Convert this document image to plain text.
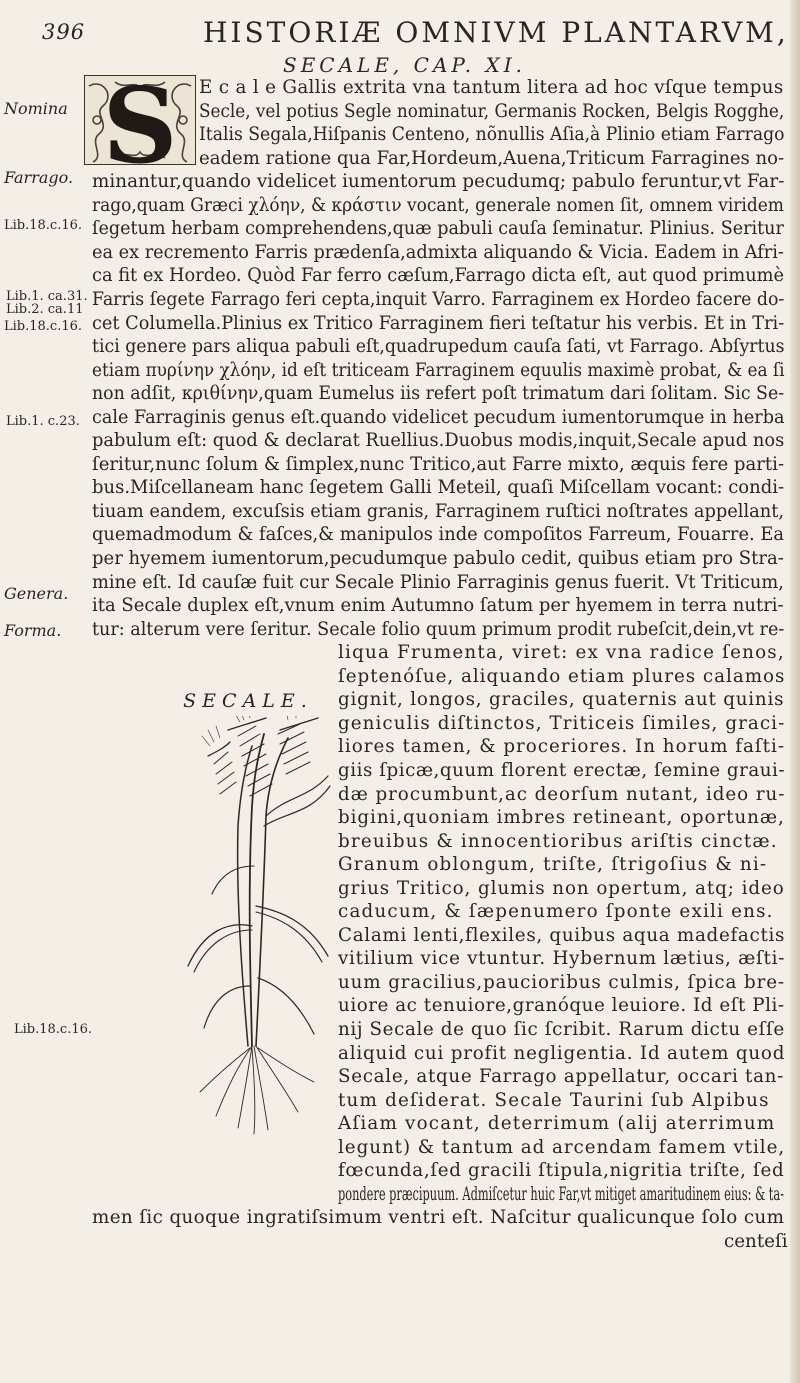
396	HISTORIÆ OMNIVM PLANTARVM,
SECALE, CAP. XI.
Nomina
Farrago.
Lib.18.c.16.
Lib.1. ca.31.
Lib.2. ca.11
Lib.18.c.16.
Lib.1. c.23.
Genera.
Forma.
Lib.18.c.16.
S
SECALE.
E c a l e Gallis extrita vna tantum litera ad hoc vſque tempus
Secle, vel potius Segle nominatur, Germanis Rocken, Belgis Rogghe,
Italis Segala,Hiſpanis Centeno, nõnullis Aſia,à Plinio etiam Farrago
eadem ratione qua Far,Hordeum,Auena,Triticum Farragines no-
minantur,quando videlicet iumentorum pecudumq; pabulo feruntur,vt Far-
rago,quam Græci χλόην, & κράστιν vocant, generale nomen ſit, omnem viridem
ſegetum herbam comprehendens,quæ pabuli cauſa ſeminatur. Plinius. Seritur
ea ex recremento Farris prædenſa,admixta aliquando & Vicia. Eadem in Afri-
ca fit ex Hordeo. Quòd Far ferro cæſum,Farrago dicta eſt, aut quod primumè
Farris ſegete Farrago feri cepta,inquit Varro. Farraginem ex Hordeo facere do-
cet Columella.Plinius ex Tritico Farraginem fieri teſtatur his verbis. Et in Tri-
tici genere pars aliqua pabuli eſt,quadrupedum cauſa ſati, vt Farrago. Abſyrtus
etiam πυρίνην χλόην, id eſt triticeam Farraginem equulis maximè probat, & ea ſi
non adſit, κριθίνην,quam Eumelus iis refert poſt trimatum dari ſolitam. Sic Se-
cale Farraginis genus eſt.quando videlicet pecudum iumentorumque in herba
pabulum eſt: quod & declarat Ruellius.Duobus modis,inquit,Secale apud nos
ſeritur,nunc ſolum & ſimplex,nunc Tritico,aut Farre mixto, æquis fere parti-
bus.Miſcellaneam hanc ſegetem Galli Meteil, quaſi Miſcellam vocant: condi-
tiuam eandem, excuſsis etiam granis, Farraginem ruſtici noſtrates appellant,
quemadmodum & faſces,& manipulos inde compoſitos Farreum, Fouarre. Ea
per hyemem iumentorum,pecudumque pabulo cedit, quibus etiam pro Stra-
mine eſt. Id cauſæ fuit cur Secale Plinio Farraginis genus fuerit. Vt Triticum,
ita Secale duplex eſt,vnum enim Autumno ſatum per hyemem in terra nutri-
tur: alterum vere ſeritur. Secale folio quum primum prodit rubeſcit,dein,vt re-
liqua Frumenta, viret: ex vna radice ſenos,
ſeptenóſue, aliquando etiam plures calamos
gignit, longos, graciles, quaternis aut quinis
geniculis diſtinctos, Triticeis ſimiles, graci-
liores tamen, & proceriores. In horum faſti-
giis ſpicæ,quum florent erectæ, ſemine graui-
dæ procumbunt,ac deorſum nutant, ideo ru-
bigini,quoniam imbres retineant, oportunæ,
breuibus & innocentioribus ariſtis cinctæ.
Granum oblongum, triſte, ſtrigoſius & ni-
grius Tritico, glumis non opertum, atq; ideo
caducum, & ſæpenumero ſponte exili ens.
Calami lenti,flexiles, quibus aqua madefactis
vitilium vice vtuntur. Hybernum lætius, æſti-
uum gracilius,paucioribus culmis, ſpica bre-
uiore ac tenuiore,granóque leuiore. Id eſt Pli-
nij Secale de quo ſic ſcribit. Rarum dictu eſſe
aliquid cui profit negligentia. Id autem quod
Secale, atque Farrago appellatur, occari tan-
tum deſiderat. Secale Taurini ſub Alpibus
Aſiam vocant, deterrimum (alij aterrimum
legunt) & tantum ad arcendam famem vtile,
fœcunda,ſed gracili ſtipula,nigritia triſte, ſed
pondere præcipuum. Admiſcetur huic Far,vt mitiget amaritudinem eius: & ta-
men ſic quoque ingratiſsimum ventri eſt. Naſcitur qualicunque ſolo cum
centeſi
